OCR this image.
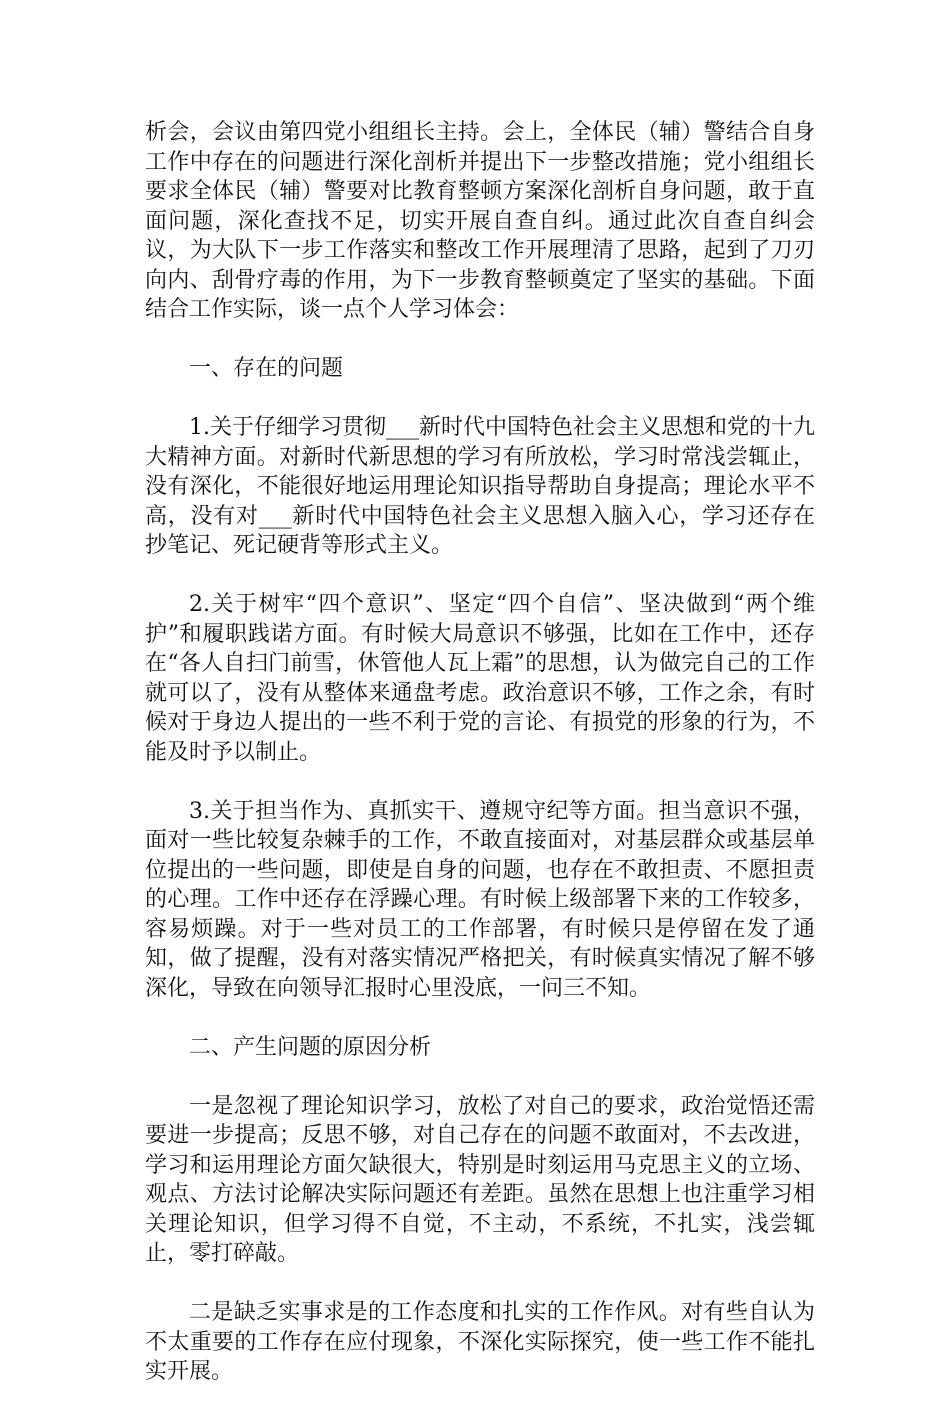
析会，会议由第四党小组组长主持。会上，全体民（辅）警结合自身工作中存在的问题进行深化剖析并提出下一步整改措施；党小组组长要求全体民（辅）警要对比教育整顿方案深化剖析自身问题，敢于直面问题，深化查找不足，切实开展自查自纠。通过此次自查自纠会议，为大队下一步工作落实和整改工作开展理清了思路，起到了刀刃向内、刮骨疗毒的作用，为下一步教育整顿奠定了坚实的基础。下面结合工作实际，谈一点个人学习体会：

一、存在的问题

1.关于仔细学习贯彻___新时代中国特色社会主义思想和党的十九大精神方面。对新时代新思想的学习有所放松，学习时常浅尝辄止，没有深化，不能很好地运用理论知识指导帮助自身提高；理论水平不高，没有对___新时代中国特色社会主义思想入脑入心，学习还存在抄笔记、死记硬背等形式主义。

2.关于树牢“四个意识”、坚定“四个自信”、坚决做到“两个维护”和履职践诺方面。有时候大局意识不够强，比如在工作中，还存在“各人自扫门前雪，休管他人瓦上霜”的思想，认为做完自己的工作就可以了，没有从整体来通盘考虑。政治意识不够，工作之余，有时候对于身边人提出的一些不利于党的言论、有损党的形象的行为，不能及时予以制止。

3.关于担当作为、真抓实干、遵规守纪等方面。担当意识不强，面对一些比较复杂棘手的工作，不敢直接面对，对基层群众或基层单位提出的一些问题，即使是自身的问题，也存在不敢担责、不愿担责的心理。工作中还存在浮躁心理。有时候上级部署下来的工作较多，容易烦躁。对于一些对员工的工作部署，有时候只是停留在发了通知，做了提醒，没有对落实情况严格把关，有时候真实情况了解不够深化，导致在向领导汇报时心里没底，一问三不知。

二、产生问题的原因分析

一是忽视了理论知识学习，放松了对自己的要求，政治觉悟还需要进一步提高；反思不够，对自己存在的问题不敢面对，不去改进，学习和运用理论方面欠缺很大，特别是时刻运用马克思主义的立场、观点、方法讨论解决实际问题还有差距。虽然在思想上也注重学习相关理论知识，但学习得不自觉，不主动，不系统，不扎实，浅尝辄止，零打碎敲。

二是缺乏实事求是的工作态度和扎实的工作作风。对有些自认为不太重要的工作存在应付现象，不深化实际探究，使一些工作不能扎实开展。
